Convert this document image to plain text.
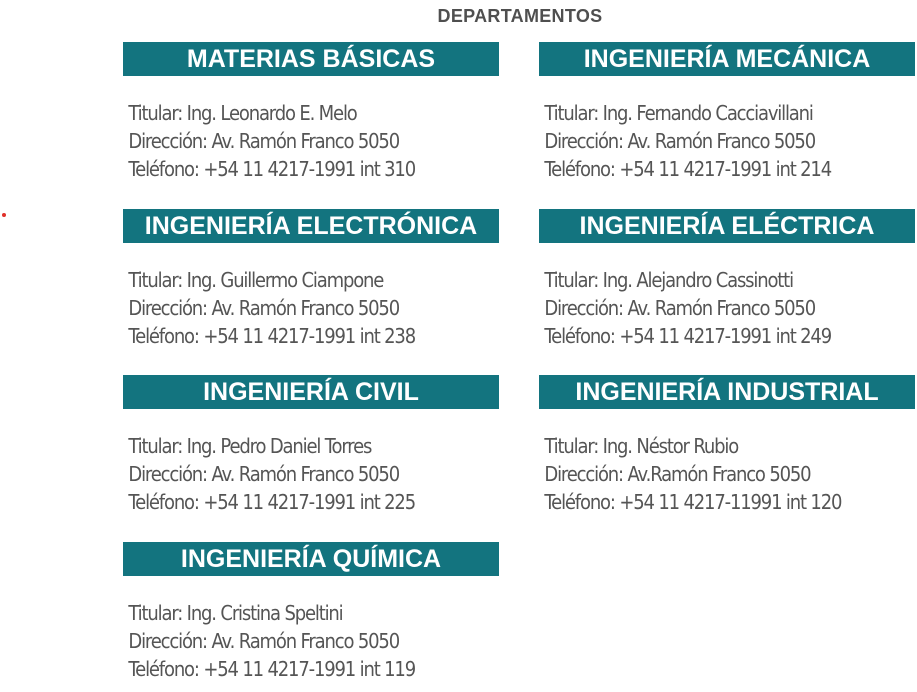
DEPARTAMENTOS
MATERIAS BÁSICAS
Titular: Ing. Leonardo E. Melo
Dirección: Av. Ramón Franco 5050
Teléfono: +54 11 4217-1991 int 310
INGENIERÍA MECÁNICA
Titular: Ing. Fernando Cacciavillani
Dirección: Av. Ramón Franco 5050
Teléfono: +54 11 4217-1991 int 214
INGENIERÍA ELECTRÓNICA
Titular: Ing. Guillermo Ciampone
Dirección: Av. Ramón Franco 5050
Teléfono: +54 11 4217-1991 int 238
INGENIERÍA ELÉCTRICA
Titular: Ing. Alejandro Cassinotti
Dirección: Av. Ramón Franco 5050
Teléfono: +54 11 4217-1991 int 249
INGENIERÍA CIVIL
Titular: Ing. Pedro Daniel Torres
Dirección: Av. Ramón Franco 5050
Teléfono: +54 11 4217-1991 int 225
INGENIERÍA INDUSTRIAL
Titular: Ing. Néstor Rubio
Dirección: Av.Ramón Franco 5050
Teléfono: +54 11 4217-11991 int 120
INGENIERÍA QUÍMICA
Titular: Ing. Cristina Speltini
Dirección: Av. Ramón Franco 5050
Teléfono: +54 11 4217-1991 int 119
